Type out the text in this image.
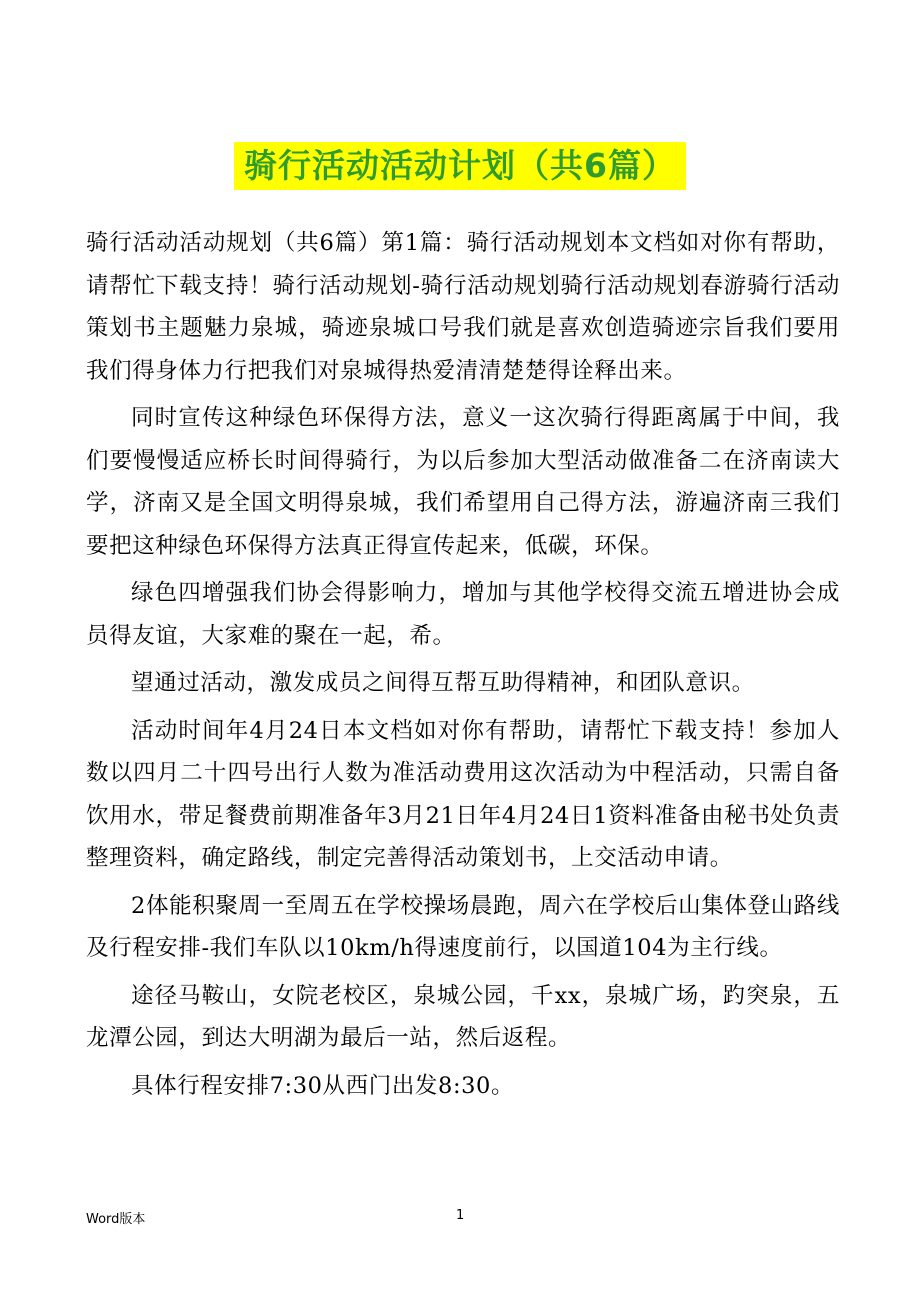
骑行活动活动计划（共6篇）

骑行活动活动规划（共6篇）第1篇：骑行活动规划本文档如对你有帮助，请帮忙下载支持！骑行活动规划-骑行活动规划骑行活动规划春游骑行活动策划书主题魅力泉城，骑迹泉城口号我们就是喜欢创造骑迹宗旨我们要用我们得身体力行把我们对泉城得热爱清清楚楚得诠释出来。

同时宣传这种绿色环保得方法，意义一这次骑行得距离属于中间，我们要慢慢适应桥长时间得骑行，为以后参加大型活动做准备二在济南读大学，济南又是全国文明得泉城，我们希望用自己得方法，游遍济南三我们要把这种绿色环保得方法真正得宣传起来，低碳，环保。

绿色四增强我们协会得影响力，增加与其他学校得交流五增进协会成员得友谊，大家难的聚在一起，希。

望通过活动，激发成员之间得互帮互助得精神，和团队意识。

活动时间年4月24日本文档如对你有帮助，请帮忙下载支持！参加人数以四月二十四号出行人数为准活动费用这次活动为中程活动，只需自备饮用水，带足餐费前期准备年3月21日年4月24日1资料准备由秘书处负责整理资料，确定路线，制定完善得活动策划书，上交活动申请。

2体能积聚周一至周五在学校操场晨跑，周六在学校后山集体登山路线及行程安排-我们车队以10km/h得速度前行，以国道104为主行线。

途径马鞍山，女院老校区，泉城公园，千xx，泉城广场，趵突泉，五龙潭公园，到达大明湖为最后一站，然后返程。

具体行程安排7:30从西门出发8:30。

Word版本	1
